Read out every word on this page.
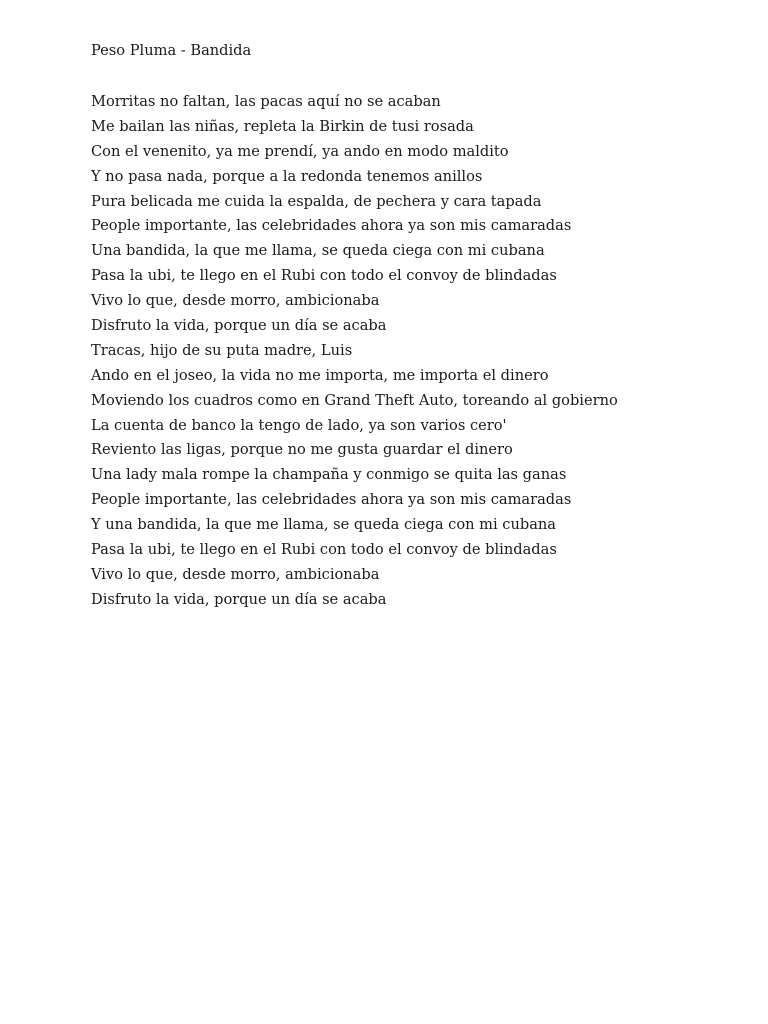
Peso Pluma - Bandida
Morritas no faltan, las pacas aquí no se acaban
Me bailan las niñas, repleta la Birkin de tusi rosada
Con el venenito, ya me prendí, ya ando en modo maldito
Y no pasa nada, porque a la redonda tenemos anillos
Pura belicada me cuida la espalda, de pechera y cara tapada
People importante, las celebridades ahora ya son mis camaradas
Una bandida, la que me llama, se queda ciega con mi cubana
Pasa la ubi, te llego en el Rubi con todo el convoy de blindadas
Vivo lo que, desde morro, ambicionaba
Disfruto la vida, porque un día se acaba
Tracas, hijo de su puta madre, Luis
Ando en el joseo, la vida no me importa, me importa el dinero
Moviendo los cuadros como en Grand Theft Auto, toreando al gobierno
La cuenta de banco la tengo de lado, ya son varios cero'
Reviento las ligas, porque no me gusta guardar el dinero
Una lady mala rompe la champaña y conmigo se quita las ganas
People importante, las celebridades ahora ya son mis camaradas
Y una bandida, la que me llama, se queda ciega con mi cubana
Pasa la ubi, te llego en el Rubi con todo el convoy de blindadas
Vivo lo que, desde morro, ambicionaba
Disfruto la vida, porque un día se acaba
